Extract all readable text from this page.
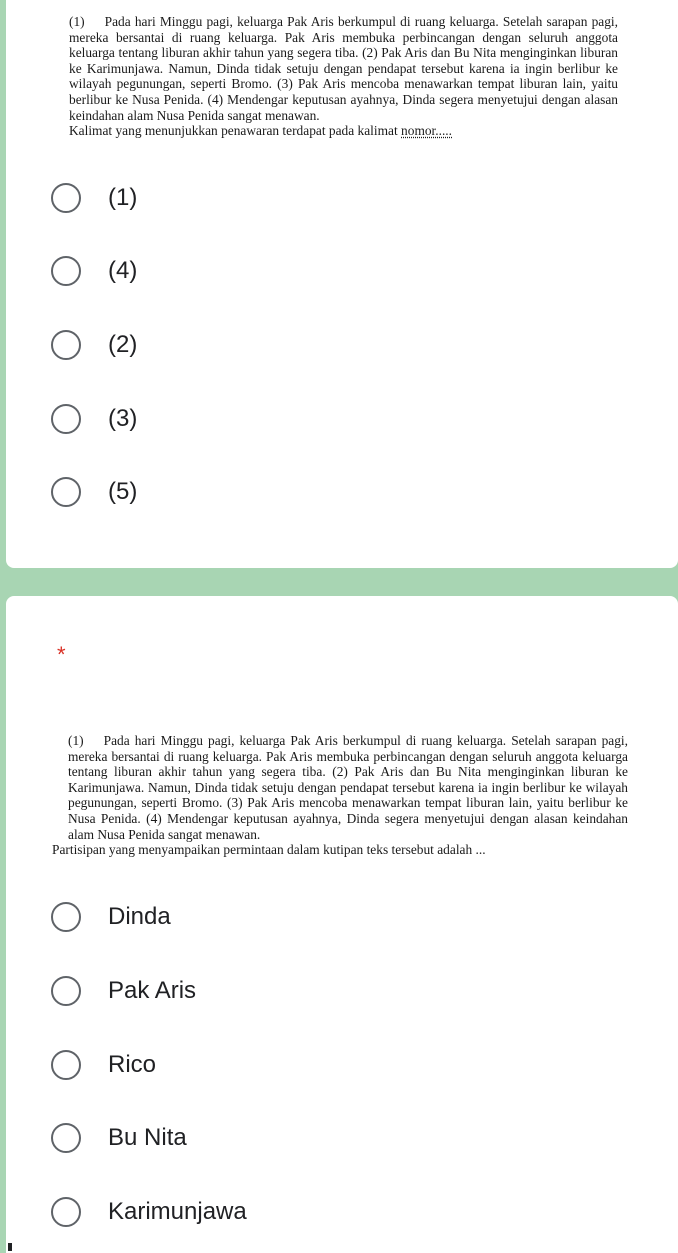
(1) Pada hari Minggu pagi, keluarga Pak Aris berkumpul di ruang keluarga. Setelah sarapan pagi, mereka bersantai di ruang keluarga. Pak Aris membuka perbincangan dengan seluruh anggota keluarga tentang liburan akhir tahun yang segera tiba. (2) Pak Aris dan Bu Nita menginginkan liburan ke Karimunjawa. Namun, Dinda tidak setuju dengan pendapat tersebut karena ia ingin berlibur ke wilayah pegunungan, seperti Bromo. (3) Pak Aris mencoba menawarkan tempat liburan lain, yaitu berlibur ke Nusa Penida. (4) Mendengar keputusan ayahnya, Dinda segera menyetujui dengan alasan keindahan alam Nusa Penida sangat menawan.

Kalimat yang menunjukkan penawaran terdapat pada kalimat nomor.....

(1)
(4)
(2)
(3)
(5)
*

(1) Pada hari Minggu pagi, keluarga Pak Aris berkumpul di ruang keluarga. Setelah sarapan pagi, mereka bersantai di ruang keluarga. Pak Aris membuka perbincangan dengan seluruh anggota keluarga tentang liburan akhir tahun yang segera tiba. (2) Pak Aris dan Bu Nita menginginkan liburan ke Karimunjawa. Namun, Dinda tidak setuju dengan pendapat tersebut karena ia ingin berlibur ke wilayah pegunungan, seperti Bromo. (3) Pak Aris mencoba menawarkan tempat liburan lain, yaitu berlibur ke Nusa Penida. (4) Mendengar keputusan ayahnya, Dinda segera menyetujui dengan alasan keindahan alam Nusa Penida sangat menawan.

Partisipan yang menyampaikan permintaan dalam kutipan teks tersebut adalah ...

Dinda
Pak Aris
Rico
Bu Nita
Karimunjawa
